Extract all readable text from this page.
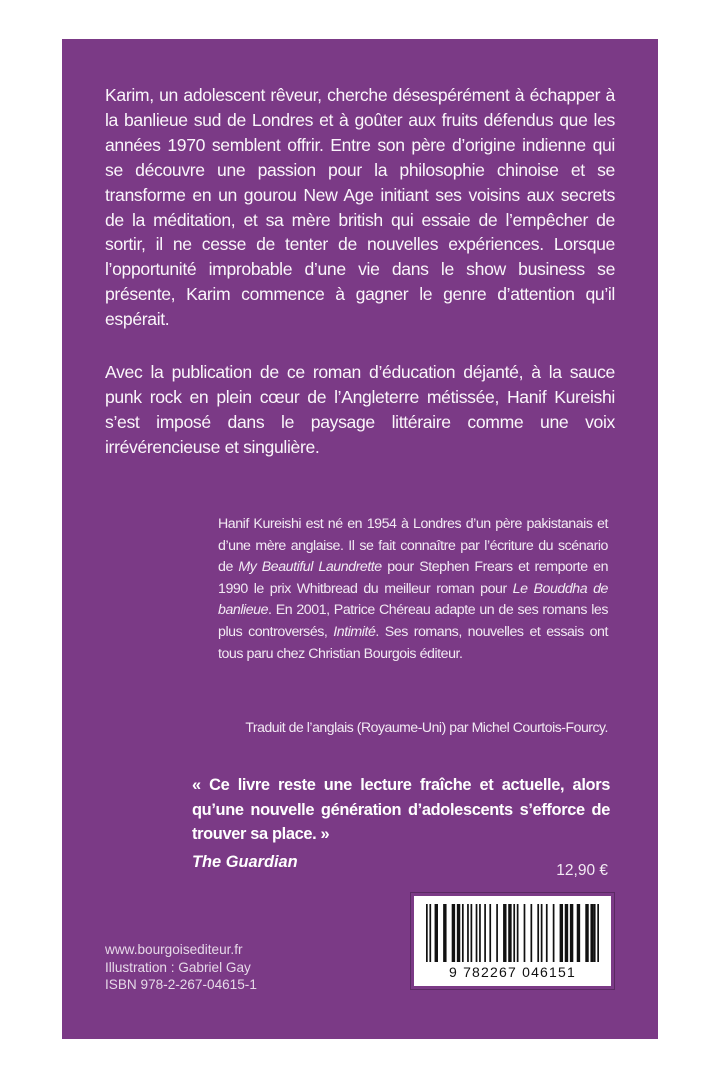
Karim, un adolescent rêveur, cherche désespérément à échapper à la banlieue sud de Londres et à goûter aux fruits défendus que les années 1970 semblent offrir. Entre son père d’origine indienne qui se découvre une passion pour la philosophie chinoise et se transforme en un gourou New Age initiant ses voisins aux secrets de la méditation, et sa mère british qui essaie de l’empêcher de sortir, il ne cesse de tenter de nouvelles expériences. Lorsque l’opportunité improbable d’une vie dans le show business se présente, Karim commence à gagner le genre d’attention qu’il espérait.

Avec la publication de ce roman d’éducation déjanté, à la sauce punk rock en plein cœur de l’Angleterre métissée, Hanif Kureishi s’est imposé dans le paysage littéraire comme une voix irrévérencieuse et singulière.

Hanif Kureishi est né en 1954 à Londres d’un père pakistanais et d’une mère anglaise. Il se fait connaître par l’écriture du scénario de My Beautiful Laundrette pour Stephen Frears et remporte en 1990 le prix Whitbread du meilleur roman pour Le Bouddha de banlieue. En 2001, Patrice Chéreau adapte un de ses romans les plus controversés, Intimité. Ses romans, nouvelles et essais ont tous paru chez Christian Bourgois éditeur.

Traduit de l’anglais (Royaume-Uni) par Michel Courtois-Fourcy.

« Ce livre reste une lecture fraîche et actuelle, alors qu’une nouvelle génération d’adolescents s’efforce de trouver sa place. »

The Guardian	12,90 €

9 782267 046151

www.bourgoisediteur.fr
Illustration : Gabriel Gay
ISBN 978-2-267-04615-1
